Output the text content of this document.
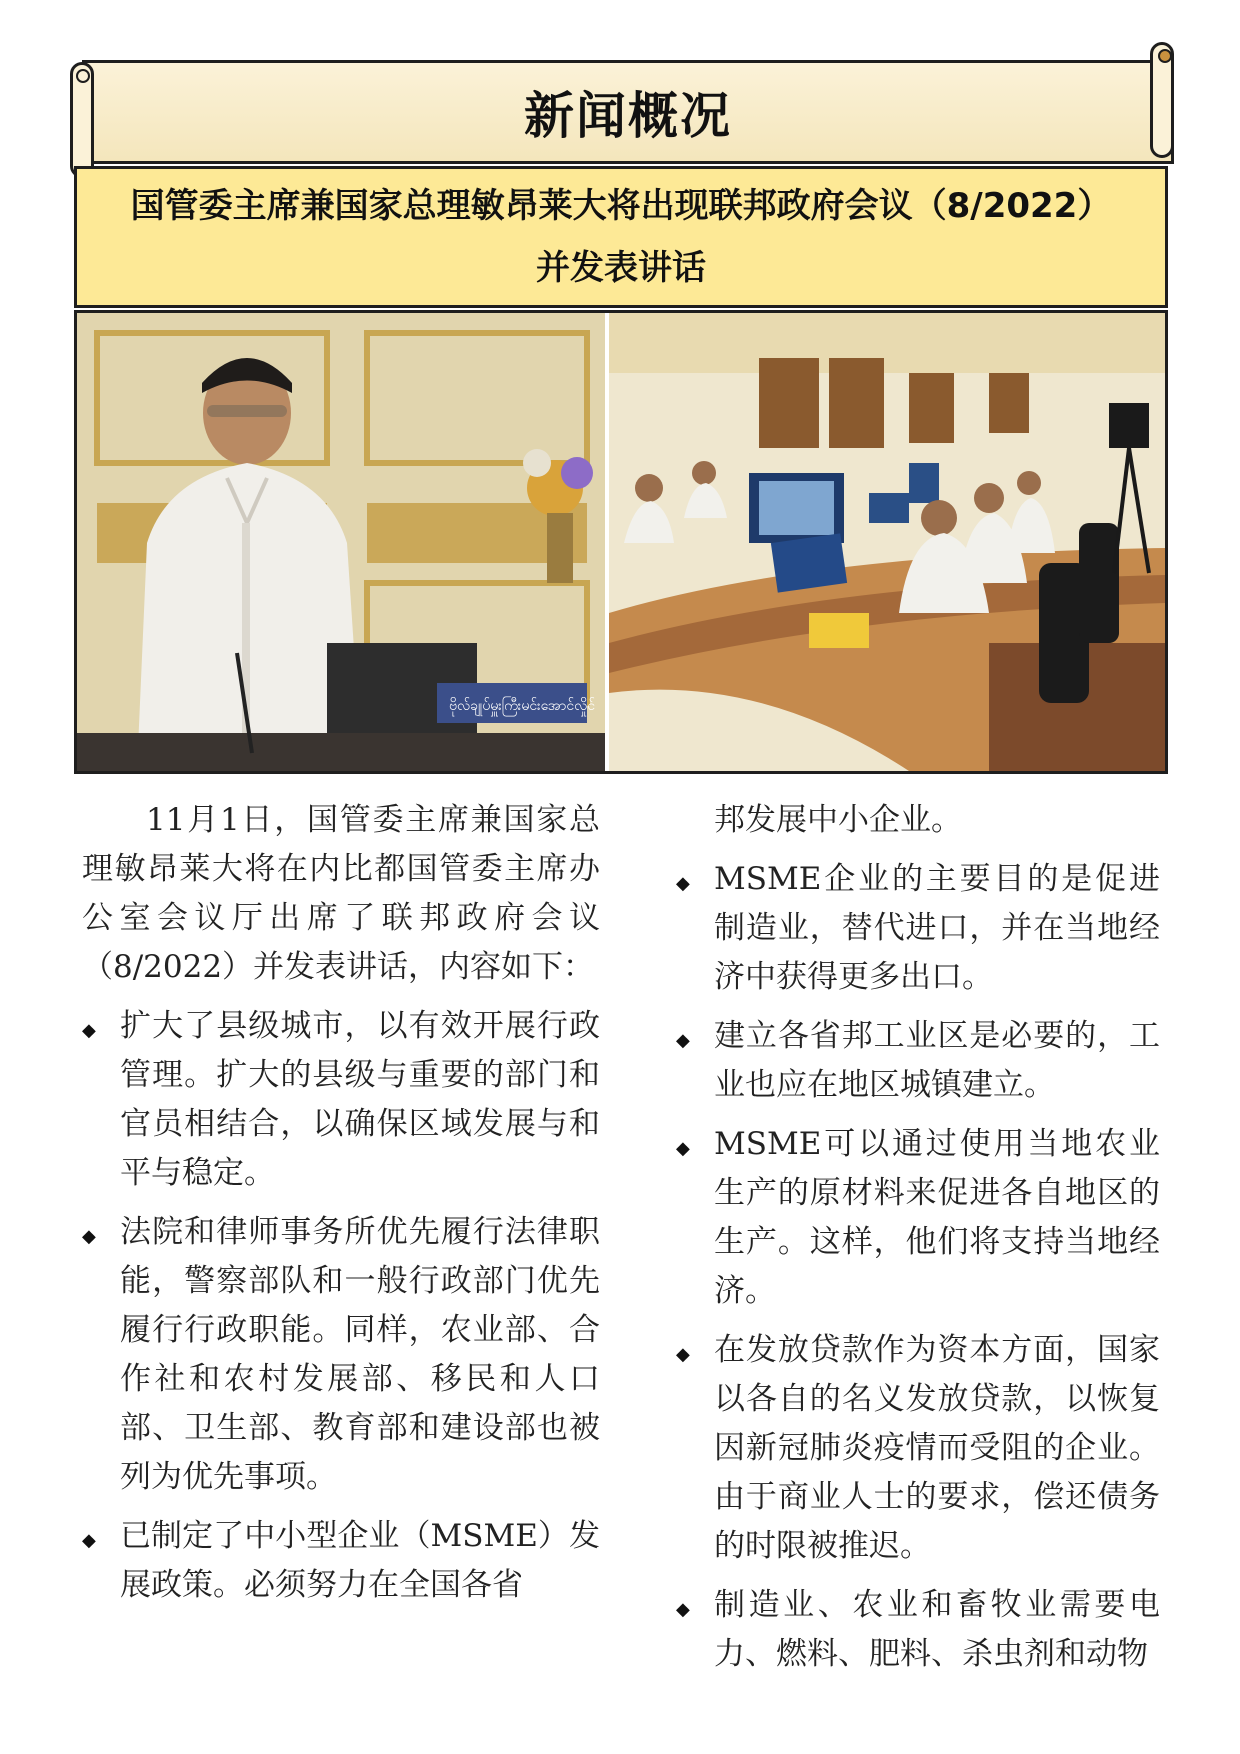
新闻概况
国管委主席兼国家总理敏昂莱大将出现联邦政府会议（8/2022）
并发表讲话
ဗိုလ်ချုပ်မှူးကြီးမင်းအောင်လှိုင်

11月1日，国管委主席兼国家总理敏昂莱大将在内比都国管委主席办公室会议厅出席了联邦政府会议（8/2022）并发表讲话，内容如下：

◆ 扩大了县级城市，以有效开展行政管理。扩大的县级与重要的部门和官员相结合，以确保区域发展与和平与稳定。

◆ 法院和律师事务所优先履行法律职能，警察部队和一般行政部门优先履行行政职能。同样，农业部、合作社和农村发展部、移民和人口部、卫生部、教育部和建设部也被列为优先事项。

◆ 已制定了中小型企业（MSME）发展政策。必须努力在全国各省

邦发展中小企业。

◆ MSME企业的主要目的是促进制造业，替代进口，并在当地经济中获得更多出口。

◆ 建立各省邦工业区是必要的，工业也应在地区城镇建立。

◆ MSME可以通过使用当地农业生产的原材料来促进各自地区的生产。这样，他们将支持当地经济。

◆ 在发放贷款作为资本方面，国家以各自的名义发放贷款，以恢复因新冠肺炎疫情而受阻的企业。由于商业人士的要求，偿还债务的时限被推迟。

◆ 制造业、农业和畜牧业需要电力、燃料、肥料、杀虫剂和动物
